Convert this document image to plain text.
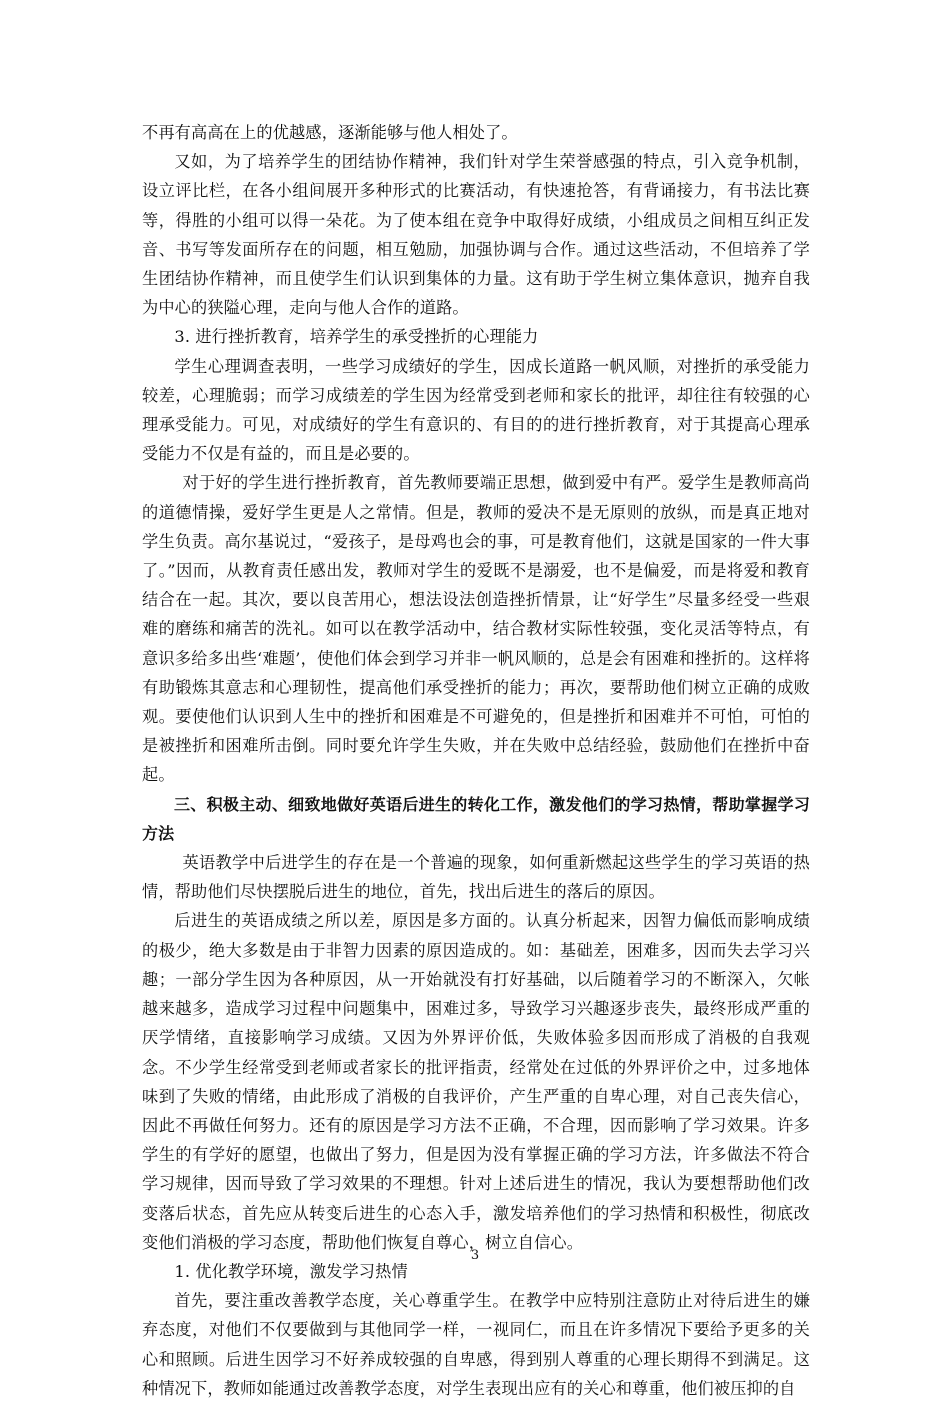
不再有高高在上的优越感，逐渐能够与他人相处了。

又如，为了培养学生的团结协作精神，我们针对学生荣誉感强的特点，引入竞争机制，设立评比栏，在各小组间展开多种形式的比赛活动，有快速抢答，有背诵接力，有书法比赛等，得胜的小组可以得一朵花。为了使本组在竞争中取得好成绩，小组成员之间相互纠正发音、书写等发面所存在的问题，相互勉励，加强协调与合作。通过这些活动，不但培养了学生团结协作精神，而且使学生们认识到集体的力量。这有助于学生树立集体意识，抛弃自我为中心的狭隘心理，走向与他人合作的道路。

3. 进行挫折教育，培养学生的承受挫折的心理能力

学生心理调查表明，一些学习成绩好的学生，因成长道路一帆风顺，对挫折的承受能力较差，心理脆弱；而学习成绩差的学生因为经常受到老师和家长的批评，却往往有较强的心理承受能力。可见，对成绩好的学生有意识的、有目的的进行挫折教育，对于其提高心理承受能力不仅是有益的，而且是必要的。

对于好的学生进行挫折教育，首先教师要端正思想，做到爱中有严。爱学生是教师高尚的道德情操，爱好学生更是人之常情。但是，教师的爱决不是无原则的放纵，而是真正地对学生负责。高尔基说过，“爱孩子，是母鸡也会的事，可是教育他们，这就是国家的一件大事了。”因而，从教育责任感出发，教师对学生的爱既不是溺爱，也不是偏爱，而是将爱和教育结合在一起。其次，要以良苦用心，想法设法创造挫折情景，让“好学生”尽量多经受一些艰难的磨练和痛苦的洗礼。如可以在教学活动中，结合教材实际性较强，变化灵活等特点，有意识多给多出些‘难题’，使他们体会到学习并非一帆风顺的，总是会有困难和挫折的。这样将有助锻炼其意志和心理韧性，提高他们承受挫折的能力；再次，要帮助他们树立正确的成败观。要使他们认识到人生中的挫折和困难是不可避免的，但是挫折和困难并不可怕，可怕的是被挫折和困难所击倒。同时要允许学生失败，并在失败中总结经验，鼓励他们在挫折中奋起。

三、积极主动、细致地做好英语后进生的转化工作，激发他们的学习热情，帮助掌握学习方法

英语教学中后进学生的存在是一个普遍的现象，如何重新燃起这些学生的学习英语的热情，帮助他们尽快摆脱后进生的地位，首先，找出后进生的落后的原因。

后进生的英语成绩之所以差，原因是多方面的。认真分析起来，因智力偏低而影响成绩的极少，绝大多数是由于非智力因素的原因造成的。如：基础差，困难多，因而失去学习兴趣；一部分学生因为各种原因，从一开始就没有打好基础，以后随着学习的不断深入，欠帐越来越多，造成学习过程中问题集中，困难过多，导致学习兴趣逐步丧失，最终形成严重的厌学情绪，直接影响学习成绩。又因为外界评价低，失败体验多因而形成了消极的自我观念。不少学生经常受到老师或者家长的批评指责，经常处在过低的外界评价之中，过多地体味到了失败的情绪，由此形成了消极的自我评价，产生严重的自卑心理，对自己丧失信心，因此不再做任何努力。还有的原因是学习方法不正确，不合理，因而影响了学习效果。许多学生的有学好的愿望，也做出了努力，但是因为没有掌握正确的学习方法，许多做法不符合学习规律，因而导致了学习效果的不理想。针对上述后进生的情况，我认为要想帮助他们改变落后状态，首先应从转变后进生的心态入手，激发培养他们的学习热情和积极性，彻底改变他们消极的学习态度，帮助他们恢复自尊心，树立自信心。

1. 优化教学环境，激发学习热情

首先，要注重改善教学态度，关心尊重学生。在教学中应特别注意防止对待后进生的嫌弃态度，对他们不仅要做到与其他同学一样，一视同仁，而且在许多情况下要给予更多的关心和照顾。后进生因学习不好养成较强的自卑感，得到别人尊重的心理长期得不到满足。这种情况下，教师如能通过改善教学态度，对学生表现出应有的关心和尊重，他们被压抑的自

3
